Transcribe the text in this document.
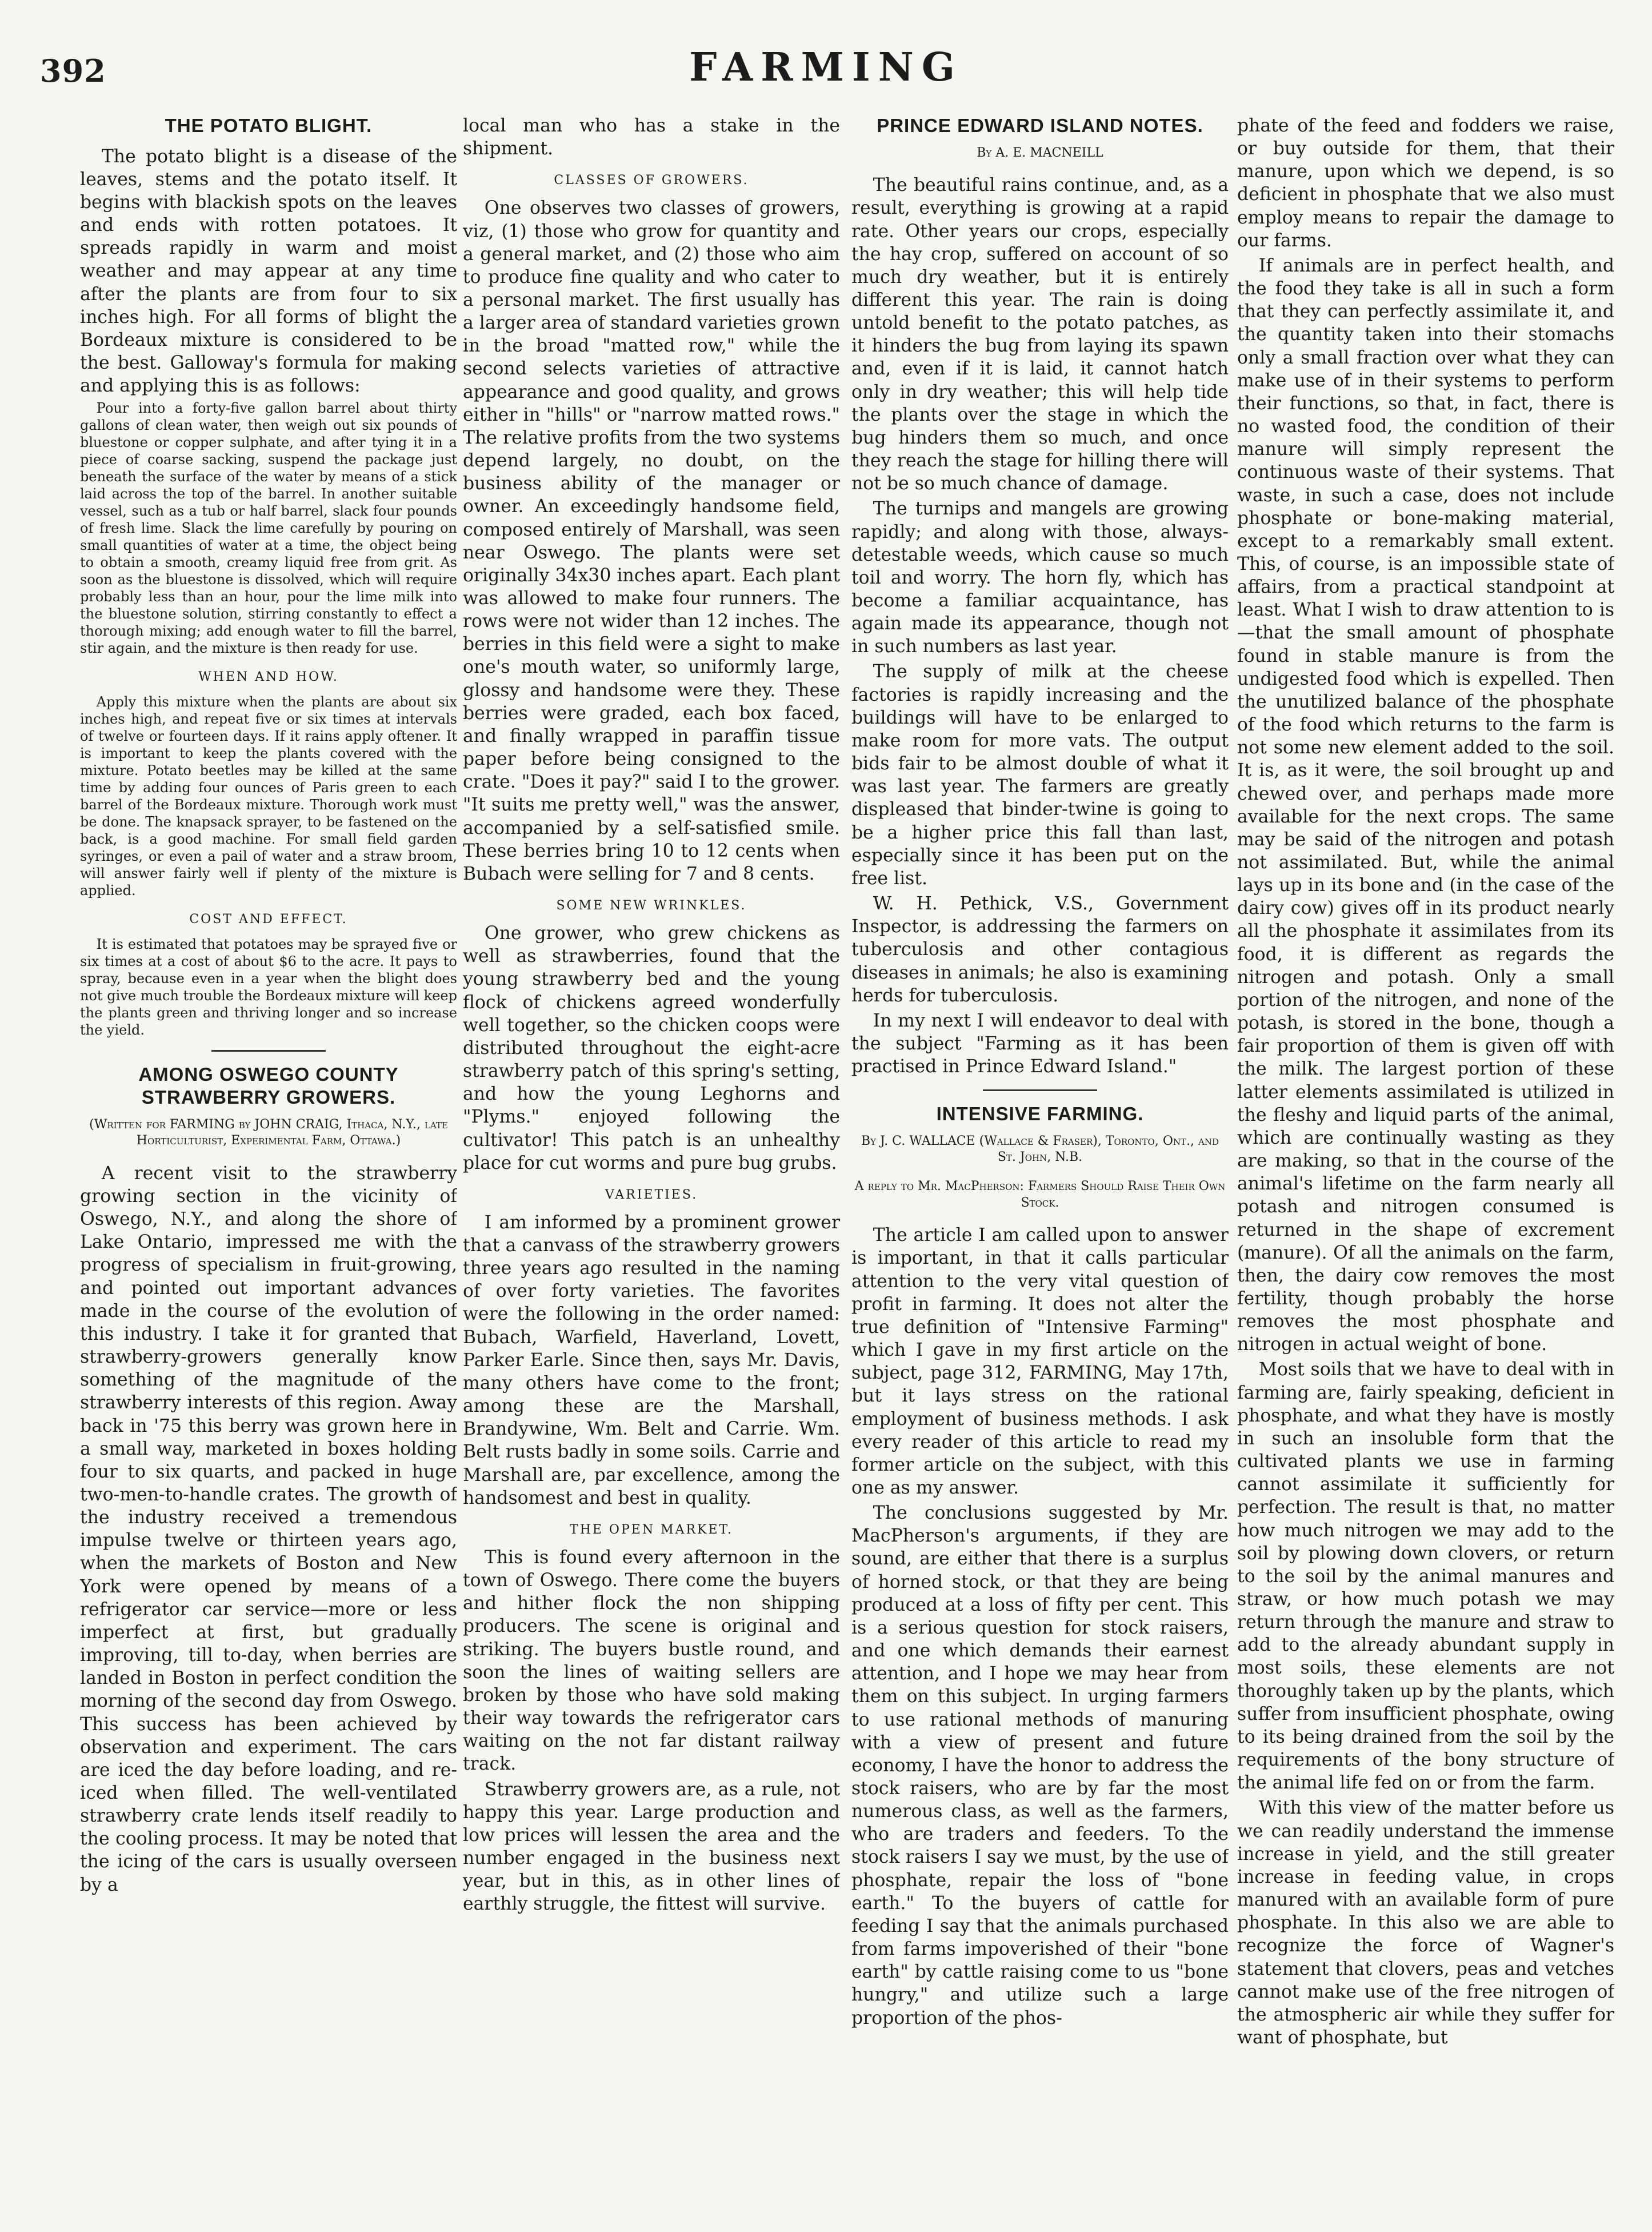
392	FARMING
THE POTATO BLIGHT.

The potato blight is a disease of the leaves, stems and the potato itself. It begins with blackish spots on the leaves and ends with rotten potatoes. It spreads rapidly in warm and moist weather and may appear at any time after the plants are from four to six inches high. For all forms of blight the Bordeaux mixture is considered to be the best. Galloway's formula for making and applying this is as follows:

Pour into a forty-five gallon barrel about thirty gallons of clean water, then weigh out six pounds of bluestone or copper sulphate, and after tying it in a piece of coarse sacking, suspend the package just beneath the surface of the water by means of a stick laid across the top of the barrel. In another suitable vessel, such as a tub or half barrel, slack four pounds of fresh lime. Slack the lime carefully by pouring on small quantities of water at a time, the object being to obtain a smooth, creamy liquid free from grit. As soon as the bluestone is dissolved, which will require probably less than an hour, pour the lime milk into the bluestone solution, stirring constantly to effect a thorough mixing; add enough water to fill the barrel, stir again, and the mixture is then ready for use.

WHEN AND HOW.

Apply this mixture when the plants are about six inches high, and repeat five or six times at intervals of twelve or fourteen days. If it rains apply oftener. It is important to keep the plants covered with the mixture. Potato beetles may be killed at the same time by adding four ounces of Paris green to each barrel of the Bordeaux mixture. Thorough work must be done. The knapsack sprayer, to be fastened on the back, is a good machine. For small field garden syringes, or even a pail of water and a straw broom, will answer fairly well if plenty of the mixture is applied.

COST AND EFFECT.

It is estimated that potatoes may be sprayed five or six times at a cost of about $6 to the acre. It pays to spray, because even in a year when the blight does not give much trouble the Bordeaux mixture will keep the plants green and thriving longer and so increase the yield.

AMONG OSWEGO COUNTY STRAWBERRY GROWERS.
(Written for FARMING by JOHN CRAIG, Ithaca, N.Y., late Horticulturist, Experimental Farm, Ottawa.)

A recent visit to the strawberry growing section in the vicinity of Oswego, N.Y., and along the shore of Lake Ontario, impressed me with the progress of specialism in fruit-growing, and pointed out important advances made in the course of the evolution of this industry. I take it for granted that strawberry-growers generally know something of the magnitude of the strawberry interests of this region. Away back in '75 this berry was grown here in a small way, marketed in boxes holding four to six quarts, and packed in huge two-men-to-handle crates. The growth of the industry received a tremendous impulse twelve or thirteen years ago, when the markets of Boston and New York were opened by means of a refrigerator car service—more or less imperfect at first, but gradually improving, till to-day, when berries are landed in Boston in perfect condition the morning of the second day from Oswego. This success has been achieved by observation and experiment. The cars are iced the day before loading, and re-iced when filled. The well-ventilated strawberry crate lends itself readily to the cooling process. It may be noted that the icing of the cars is usually overseen by a

local man who has a stake in the shipment.

CLASSES OF GROWERS.

One observes two classes of growers, viz, (1) those who grow for quantity and a general market, and (2) those who aim to produce fine quality and who cater to a personal market. The first usually has a larger area of standard varieties grown in the broad "matted row," while the second selects varieties of attractive appearance and good quality, and grows either in "hills" or "narrow matted rows." The relative profits from the two systems depend largely, no doubt, on the business ability of the manager or owner. An exceedingly handsome field, composed entirely of Marshall, was seen near Oswego. The plants were set originally 34x30 inches apart. Each plant was allowed to make four runners. The rows were not wider than 12 inches. The berries in this field were a sight to make one's mouth water, so uniformly large, glossy and handsome were they. These berries were graded, each box faced, and finally wrapped in paraffin tissue paper before being consigned to the crate. "Does it pay?" said I to the grower. "It suits me pretty well," was the answer, accompanied by a self-satisfied smile. These berries bring 10 to 12 cents when Bubach were selling for 7 and 8 cents.

SOME NEW WRINKLES.

One grower, who grew chickens as well as strawberries, found that the young strawberry bed and the young flock of chickens agreed wonderfully well together, so the chicken coops were distributed throughout the eight-acre strawberry patch of this spring's setting, and how the young Leghorns and "Plyms." enjoyed following the cultivator! This patch is an unhealthy place for cut worms and pure bug grubs.

VARIETIES.

I am informed by a prominent grower that a canvass of the strawberry growers three years ago resulted in the naming of over forty varieties. The favorites were the following in the order named: Bubach, Warfield, Haverland, Lovett, Parker Earle. Since then, says Mr. Davis, many others have come to the front; among these are the Marshall, Brandywine, Wm. Belt and Carrie. Wm. Belt rusts badly in some soils. Carrie and Marshall are, par excellence, among the handsomest and best in quality.

THE OPEN MARKET.

This is found every afternoon in the town of Oswego. There come the buyers and hither flock the non shipping producers. The scene is original and striking. The buyers bustle round, and soon the lines of waiting sellers are broken by those who have sold making their way towards the refrigerator cars waiting on the not far distant railway track.

Strawberry growers are, as a rule, not happy this year. Large production and low prices will lessen the area and the number engaged in the business next year, but in this, as in other lines of earthly struggle, the fittest will survive.

PRINCE EDWARD ISLAND NOTES.
By A. E. MACNEILL

The beautiful rains continue, and, as a result, everything is growing at a rapid rate. Other years our crops, especially the hay crop, suffered on account of so much dry weather, but it is entirely different this year. The rain is doing untold benefit to the potato patches, as it hinders the bug from laying its spawn and, even if it is laid, it cannot hatch only in dry weather; this will help tide the plants over the stage in which the bug hinders them so much, and once they reach the stage for hilling there will not be so much chance of damage.

The turnips and mangels are growing rapidly; and along with those, always-detestable weeds, which cause so much toil and worry. The horn fly, which has become a familiar acquaintance, has again made its appearance, though not in such numbers as last year.

The supply of milk at the cheese factories is rapidly increasing and the buildings will have to be enlarged to make room for more vats. The output bids fair to be almost double of what it was last year. The farmers are greatly displeased that binder-twine is going to be a higher price this fall than last, especially since it has been put on the free list.

W. H. Pethick, V.S., Government Inspector, is addressing the farmers on tuberculosis and other contagious diseases in animals; he also is examining herds for tuberculosis.

In my next I will endeavor to deal with the subject "Farming as it has been practised in Prince Edward Island."

INTENSIVE FARMING.
By J. C. WALLACE (Wallace & Fraser), Toronto, Ont., and St. John, N.B.
A reply to Mr. MacPherson: Farmers Should Raise Their Own Stock.

The article I am called upon to answer is important, in that it calls particular attention to the very vital question of profit in farming. It does not alter the true definition of "Intensive Farming" which I gave in my first article on the subject, page 312, FARMING, May 17th, but it lays stress on the rational employment of business methods. I ask every reader of this article to read my former article on the subject, with this one as my answer.

The conclusions suggested by Mr. MacPherson's arguments, if they are sound, are either that there is a surplus of horned stock, or that they are being produced at a loss of fifty per cent. This is a serious question for stock raisers, and one which demands their earnest attention, and I hope we may hear from them on this subject. In urging farmers to use rational methods of manuring with a view of present and future economy, I have the honor to address the stock raisers, who are by far the most numerous class, as well as the farmers, who are traders and feeders. To the stock raisers I say we must, by the use of phosphate, repair the loss of "bone earth." To the buyers of cattle for feeding I say that the animals purchased from farms impoverished of their "bone earth" by cattle raising come to us "bone hungry," and utilize such a large proportion of the phos-

phate of the feed and fodders we raise, or buy outside for them, that their manure, upon which we depend, is so deficient in phosphate that we also must employ means to repair the damage to our farms.

If animals are in perfect health, and the food they take is all in such a form that they can perfectly assimilate it, and the quantity taken into their stomachs only a small fraction over what they can make use of in their systems to perform their functions, so that, in fact, there is no wasted food, the condition of their manure will simply represent the continuous waste of their systems. That waste, in such a case, does not include phosphate or bone-making material, except to a remarkably small extent. This, of course, is an impossible state of affairs, from a practical standpoint at least. What I wish to draw attention to is—that the small amount of phosphate found in stable manure is from the undigested food which is expelled. Then the unutilized balance of the phosphate of the food which returns to the farm is not some new element added to the soil. It is, as it were, the soil brought up and chewed over, and perhaps made more available for the next crops. The same may be said of the nitrogen and potash not assimilated. But, while the animal lays up in its bone and (in the case of the dairy cow) gives off in its product nearly all the phosphate it assimilates from its food, it is different as regards the nitrogen and potash. Only a small portion of the nitrogen, and none of the potash, is stored in the bone, though a fair proportion of them is given off with the milk. The largest portion of these latter elements assimilated is utilized in the fleshy and liquid parts of the animal, which are continually wasting as they are making, so that in the course of the animal's lifetime on the farm nearly all potash and nitrogen consumed is returned in the shape of excrement (manure). Of all the animals on the farm, then, the dairy cow removes the most fertility, though probably the horse removes the most phosphate and nitrogen in actual weight of bone.

Most soils that we have to deal with in farming are, fairly speaking, deficient in phosphate, and what they have is mostly in such an insoluble form that the cultivated plants we use in farming cannot assimilate it sufficiently for perfection. The result is that, no matter how much nitrogen we may add to the soil by plowing down clovers, or return to the soil by the animal manures and straw, or how much potash we may return through the manure and straw to add to the already abundant supply in most soils, these elements are not thoroughly taken up by the plants, which suffer from insufficient phosphate, owing to its being drained from the soil by the requirements of the bony structure of the animal life fed on or from the farm.

With this view of the matter before us we can readily understand the immense increase in yield, and the still greater increase in feeding value, in crops manured with an available form of pure phosphate. In this also we are able to recognize the force of Wagner's statement that clovers, peas and vetches cannot make use of the free nitrogen of the atmospheric air while they suffer for want of phosphate, but
